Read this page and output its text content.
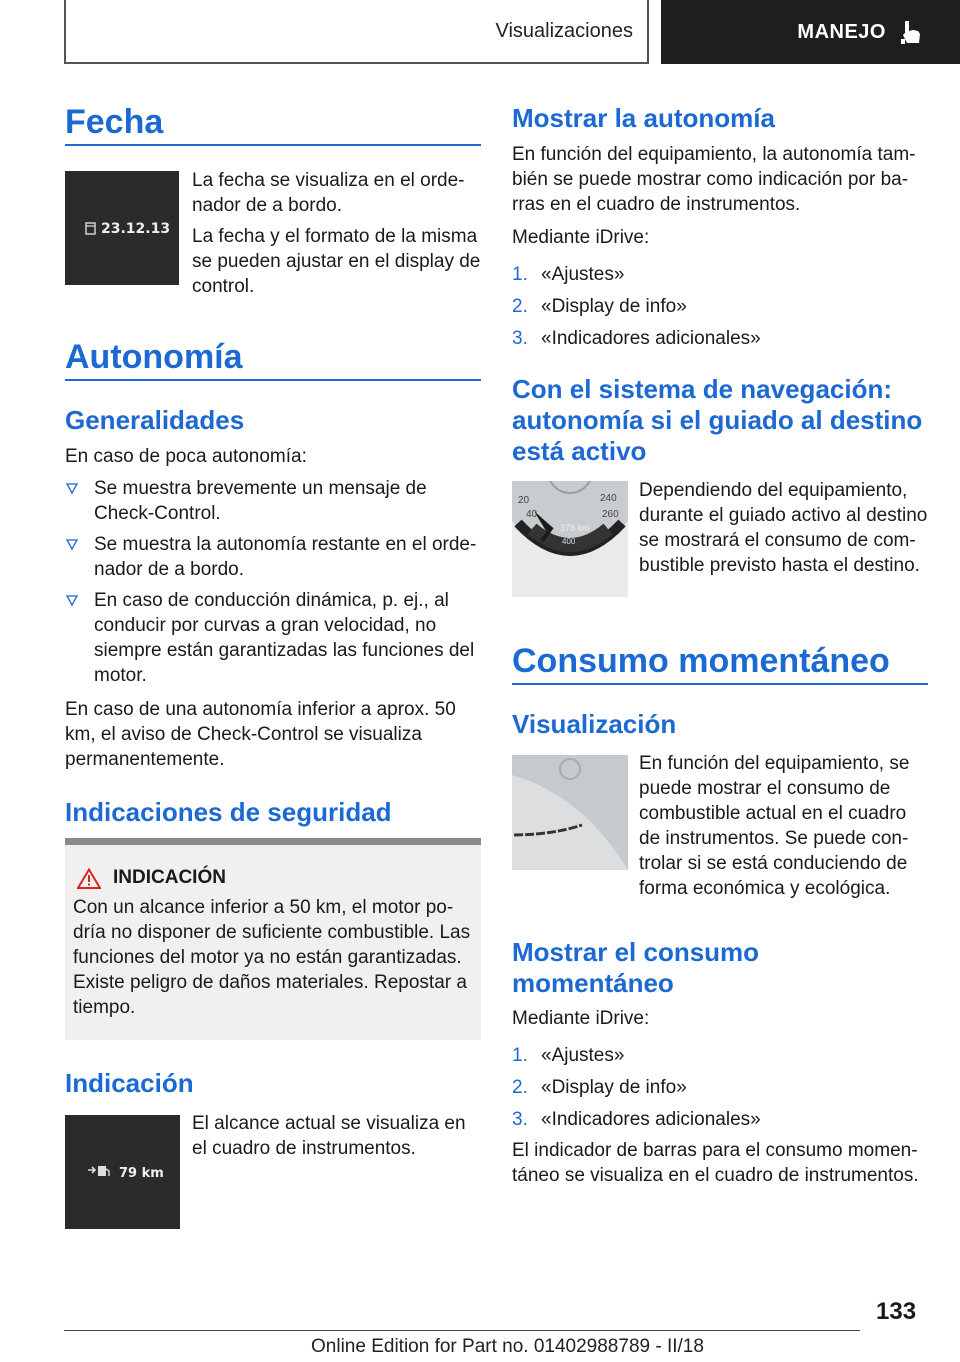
Visualizaciones	MANEJO
Fecha
23.12.13

La fecha se visualiza en el ordenador de a bordo.

La fecha y el formato de la misma se pueden ajustar en el display de control.

Autonomía
Generalidades

En caso de poca autonomía:

Se muestra brevemente un mensaje de Check-Control.
Se muestra la autonomía restante en el ordenador de a bordo.
En caso de conducción dinámica, p. ej., al conducir por curvas a gran velocidad, no siempre están garantizadas las funciones del motor.

En caso de una autonomía inferior a aprox. 50 km, el aviso de Check-Control se visualiza permanentemente.

Indicaciones de seguridad
INDICACIÓN

Con un alcance inferior a 50 km, el motor podría no disponer de suficiente combustible. Las funciones del motor ya no están garantizadas. Existe peligro de daños materiales. Repostar a tiempo.

Indicación
79 km

El alcance actual se visualiza en el cuadro de instrumentos.

Mostrar la autonomía

En función del equipamiento, la autonomía también se puede mostrar como indicación por barras en el cuadro de instrumentos.

Mediante iDrive:

1. «Ajustes»
2. «Display de info»
3. «Indicadores adicionales»
Con el sistema de navegación: autonomía si el guiado al destino está activo
20	240
40	260
378 km
400

Dependiendo del equipamiento, durante el guiado activo al destino se mostrará el consumo de combustible previsto hasta el destino.

Consumo momentáneo
Visualización

En función del equipamiento, se puede mostrar el consumo de combustible actual en el cuadro de instrumentos. Se puede controlar si se está conduciendo de forma económica y ecológica.

Mostrar el consumo momentáneo

Mediante iDrive:

1. «Ajustes»
2. «Display de info»
3. «Indicadores adicionales»

El indicador de barras para el consumo momentáneo se visualiza en el cuadro de instrumentos.

133
Online Edition for Part no. 01402988789 - II/18
